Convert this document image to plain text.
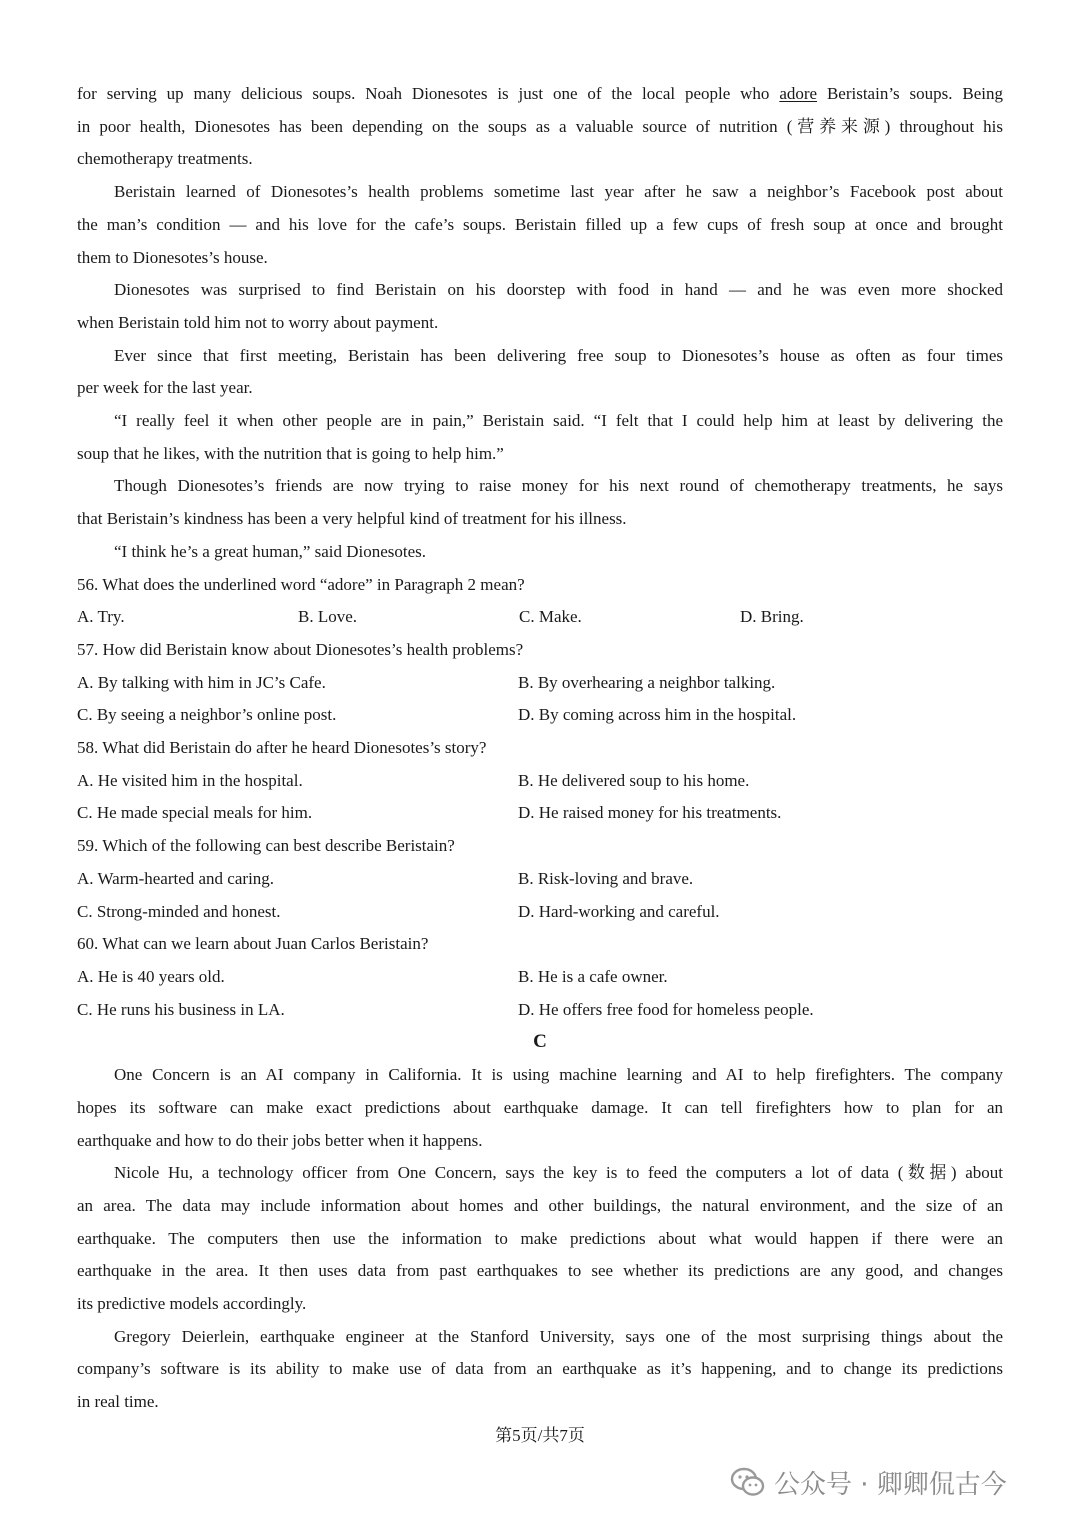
for serving up many delicious soups. Noah Dionesotes is just one of the local people who adore Beristain’s soups. Being
in poor health, Dionesotes has been depending on the soups as a valuable source of nutrition (营养来源) throughout his
chemotherapy treatments.
Beristain learned of Dionesotes’s health problems sometime last year after he saw a neighbor’s Facebook post about
the man’s condition — and his love for the cafe’s soups. Beristain filled up a few cups of fresh soup at once and brought
them to Dionesotes’s house.
Dionesotes was surprised to find Beristain on his doorstep with food in hand — and he was even more shocked
when Beristain told him not to worry about payment.
Ever since that first meeting, Beristain has been delivering free soup to Dionesotes’s house as often as four times
per week for the last year.
“I really feel it when other people are in pain,” Beristain said. “I felt that I could help him at least by delivering the
soup that he likes, with the nutrition that is going to help him.”
Though Dionesotes’s friends are now trying to raise money for his next round of chemotherapy treatments, he says
that Beristain’s kindness has been a very helpful kind of treatment for his illness.
“I think he’s a great human,” said Dionesotes.
56. What does the underlined word “adore” in Paragraph 2 mean?
A. Try.	B. Love.	C. Make.	D. Bring.
57. How did Beristain know about Dionesotes’s health problems?
A. By talking with him in JC’s Cafe.	B. By overhearing a neighbor talking.
C. By seeing a neighbor’s online post.	D. By coming across him in the hospital.
58. What did Beristain do after he heard Dionesotes’s story?
A. He visited him in the hospital.	B. He delivered soup to his home.
C. He made special meals for him.	D. He raised money for his treatments.
59. Which of the following can best describe Beristain?
A. Warm-hearted and caring.	B. Risk-loving and brave.
C. Strong-minded and honest.	D. Hard-working and careful.
60. What can we learn about Juan Carlos Beristain?
A. He is 40 years old.	B. He is a cafe owner.
C. He runs his business in LA.	D. He offers free food for homeless people.
C
One Concern is an AI company in California. It is using machine learning and AI to help firefighters. The company
hopes its software can make exact predictions about earthquake damage. It can tell firefighters how to plan for an
earthquake and how to do their jobs better when it happens.
Nicole Hu, a technology officer from One Concern, says the key is to feed the computers a lot of data (数据) about
an area. The data may include information about homes and other buildings, the natural environment, and the size of an
earthquake. The computers then use the information to make predictions about what would happen if there were an
earthquake in the area. It then uses data from past earthquakes to see whether its predictions are any good, and changes
its predictive models accordingly.
Gregory Deierlein, earthquake engineer at the Stanford University, says one of the most surprising things about the
company’s software is its ability to make use of data from an earthquake as it’s happening, and to change its predictions
in real time.
第5页/共7页
公众号 · 卿卿侃古今
